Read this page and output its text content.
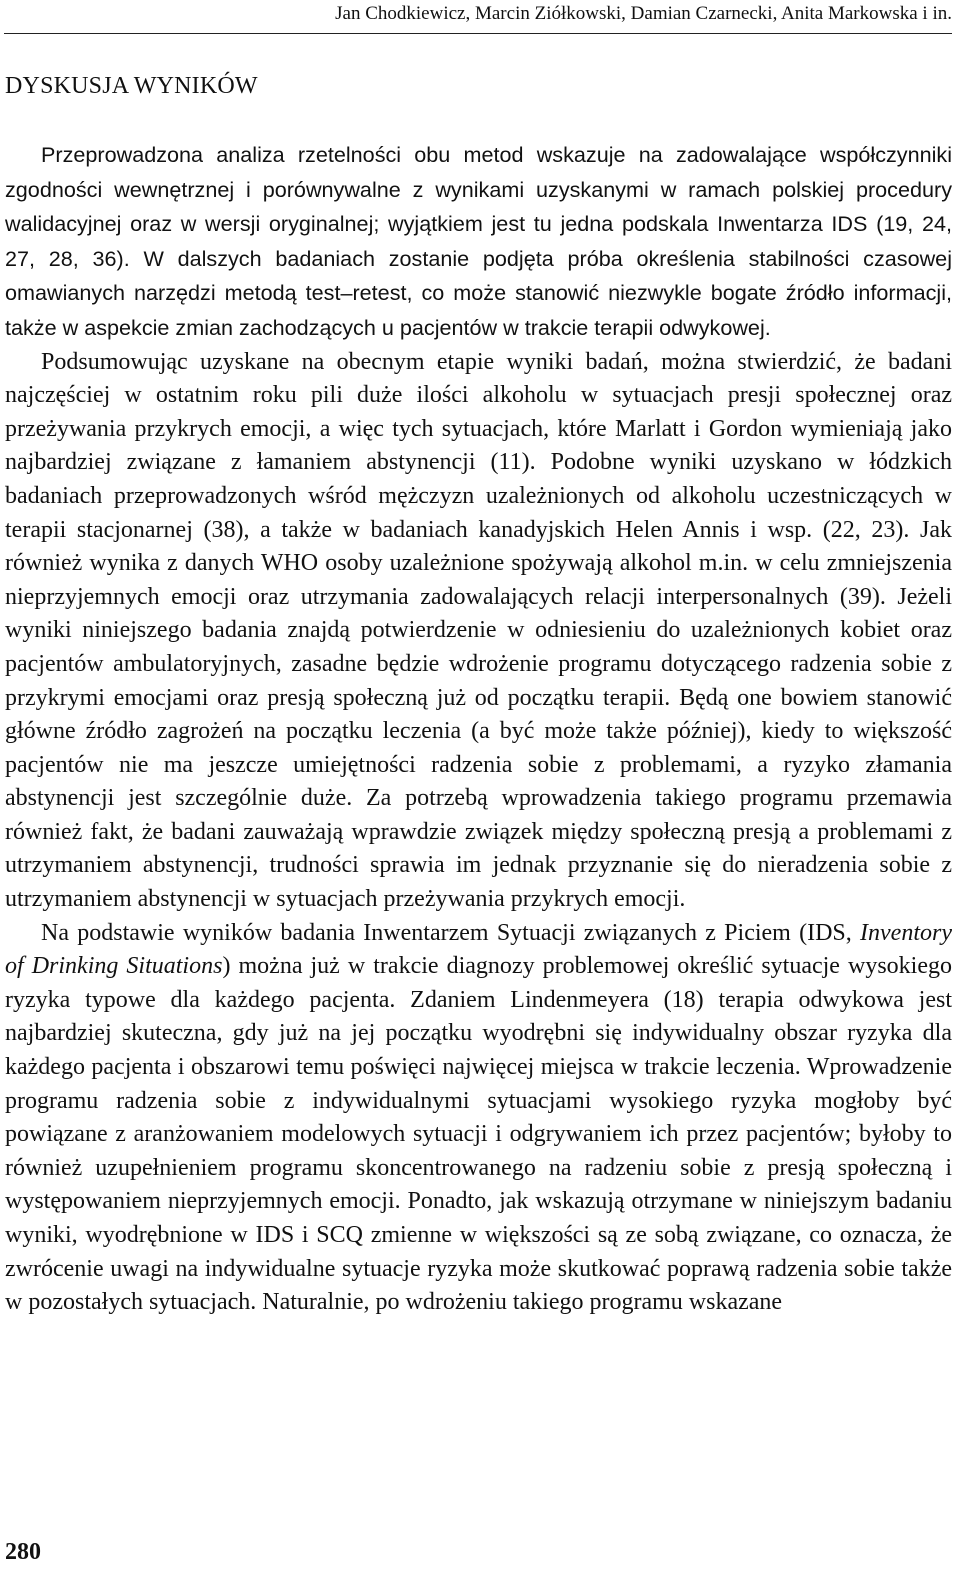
Jan Chodkiewicz, Marcin Ziółkowski, Damian Czarnecki, Anita Markowska i in.
DYSKUSJA WYNIKÓW

Przeprowadzona analiza rzetelności obu metod wskazuje na zadowalające współczynniki zgodności wewnętrznej i porównywalne z wynikami uzyskanymi w ramach polskiej procedury walidacyjnej oraz w wersji oryginalnej; wyjątkiem jest tu jedna podskala Inwentarza IDS (19, 24, 27, 28, 36). W dalszych badaniach zostanie podjęta próba określenia stabilności czasowej omawianych narzędzi metodą test–retest, co może stanowić niezwykle bogate źródło informacji, także w aspekcie zmian zachodzących u pacjentów w trakcie terapii odwykowej.

Podsumowując uzyskane na obecnym etapie wyniki badań, można stwierdzić, że badani najczęściej w ostatnim roku pili duże ilości alkoholu w sytuacjach presji społecznej oraz przeżywania przykrych emocji, a więc tych sytuacjach, które Marlatt i Gordon wymieniają jako najbardziej związane z łamaniem abstynencji (11). Podobne wyniki uzyskano w łódzkich badaniach przeprowadzonych wśród mężczyzn uzależnionych od alkoholu uczestniczących w terapii stacjonarnej (38), a także w badaniach kanadyjskich Helen Annis i wsp. (22, 23). Jak również wynika z danych WHO osoby uzależnione spożywają alkohol m.in. w celu zmniejszenia nieprzyjemnych emocji oraz utrzymania zadowalających relacji interpersonalnych (39). Jeżeli wyniki niniejszego badania znajdą potwierdzenie w odniesieniu do uzależnionych kobiet oraz pacjentów ambulatoryjnych, zasadne będzie wdrożenie programu dotyczącego radzenia sobie z przykrymi emocjami oraz presją społeczną już od początku terapii. Będą one bowiem stanowić główne źródło zagrożeń na początku leczenia (a być może także później), kiedy to większość pacjentów nie ma jeszcze umiejętności radzenia sobie z problemami, a ryzyko złamania abstynencji jest szczególnie duże. Za potrzebą wprowadzenia takiego programu przemawia również fakt, że badani zauważają wprawdzie związek między społeczną presją a problemami z utrzymaniem abstynencji, trudności sprawia im jednak przyznanie się do nieradzenia sobie z utrzymaniem abstynencji w sytuacjach przeżywania przykrych emocji.

Na podstawie wyników badania Inwentarzem Sytuacji związanych z Piciem (IDS, Inventory of Drinking Situations) można już w trakcie diagnozy problemowej określić sytuacje wysokiego ryzyka typowe dla każdego pacjenta. Zdaniem Lindenmeyera (18) terapia odwykowa jest najbardziej skuteczna, gdy już na jej początku wyodrębni się indywidualny obszar ryzyka dla każdego pacjenta i obszarowi temu poświęci najwięcej miejsca w trakcie leczenia. Wprowadzenie programu radzenia sobie z indywidualnymi sytuacjami wysokiego ryzyka mogłoby być powiązane z aranżowaniem modelowych sytuacji i odgrywaniem ich przez pacjentów; byłoby to również uzupełnieniem programu skoncentrowanego na radzeniu sobie z presją społeczną i występowaniem nieprzyjemnych emocji. Ponadto, jak wskazują otrzymane w niniejszym badaniu wyniki, wyodrębnione w IDS i SCQ zmienne w większości są ze sobą związane, co oznacza, że zwrócenie uwagi na indywidualne sytuacje ryzyka może skutkować poprawą radzenia sobie także w pozostałych sytuacjach. Naturalnie, po wdrożeniu takiego programu wskazane

280
